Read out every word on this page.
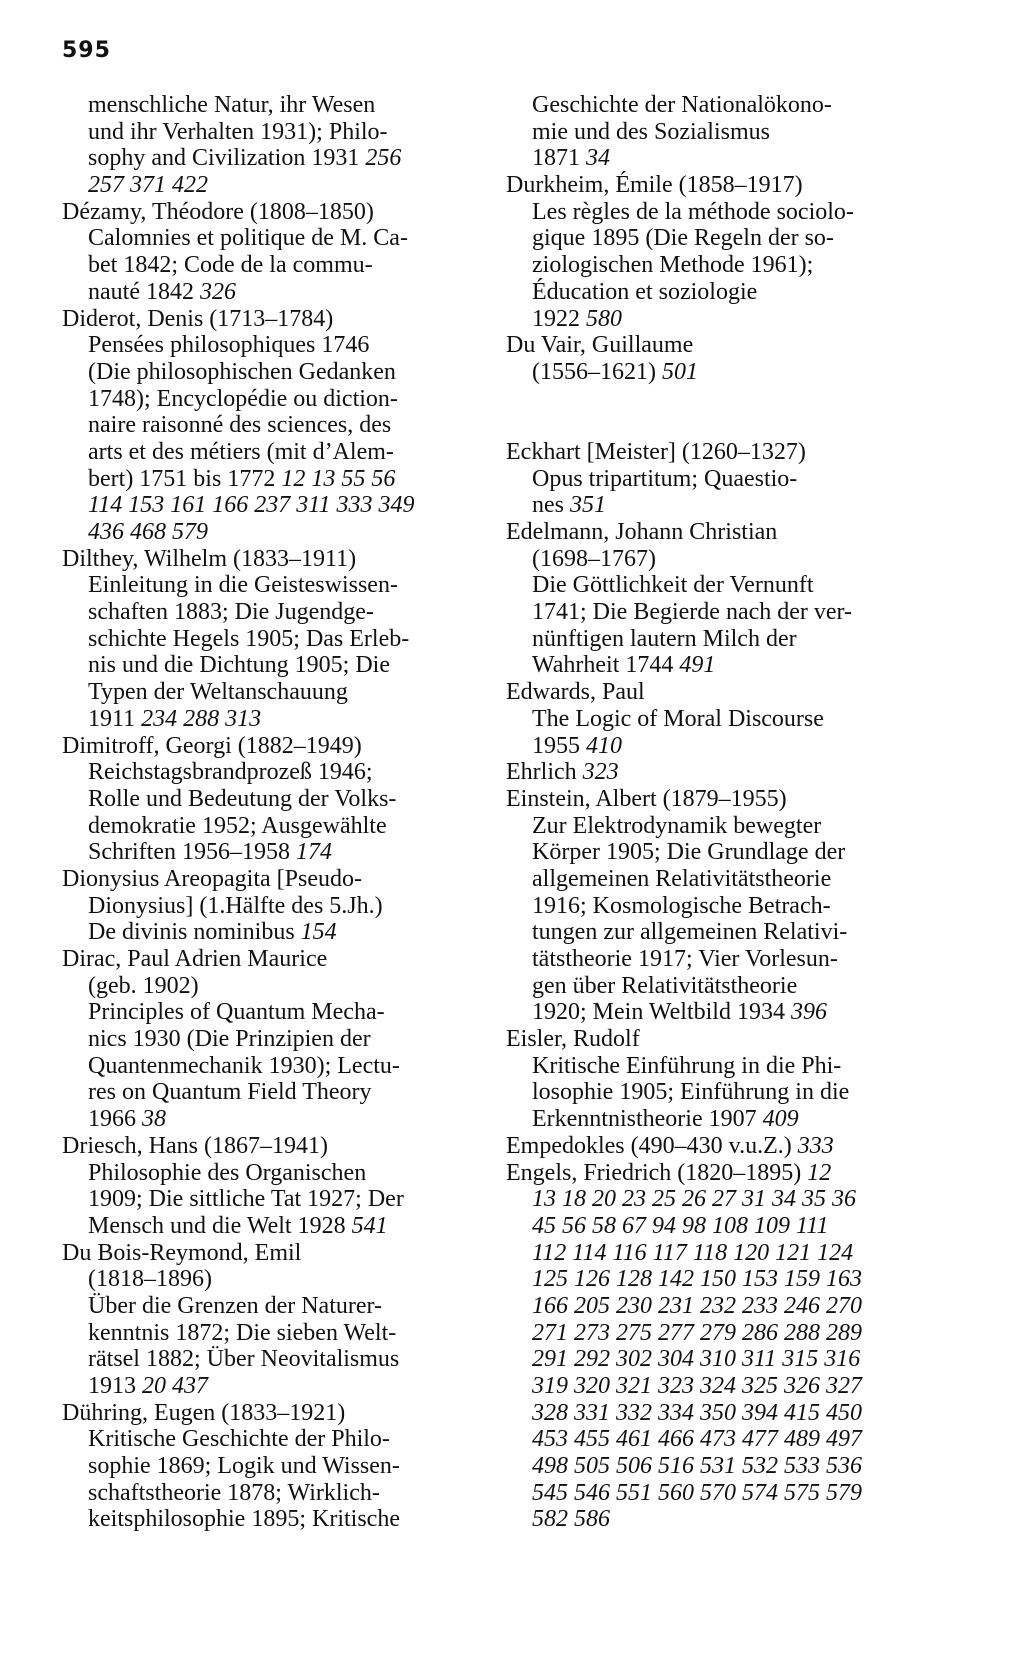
595
menschliche Natur, ihr Wesen
und ihr Verhalten 1931); Philo-
sophy and Civilization 1931 256
257 371 422
Dézamy, Théodore (1808–1850)
Calomnies et politique de M. Ca-
bet 1842; Code de la commu-
nauté 1842 326
Diderot, Denis (1713–1784)
Pensées philosophiques 1746
(Die philosophischen Gedanken
1748); Encyclopédie ou diction-
naire raisonné des sciences, des
arts et des métiers (mit d’Alem-
bert) 1751 bis 1772 12 13 55 56
114 153 161 166 237 311 333 349
436 468 579
Dilthey, Wilhelm (1833–1911)
Einleitung in die Geisteswissen-
schaften 1883; Die Jugendge-
schichte Hegels 1905; Das Erleb-
nis und die Dichtung 1905; Die
Typen der Weltanschauung
1911 234 288 313
Dimitroff, Georgi (1882–1949)
Reichstagsbrandprozeß 1946;
Rolle und Bedeutung der Volks-
demokratie 1952; Ausgewählte
Schriften 1956–1958 174
Dionysius Areopagita [Pseudo-
Dionysius] (1.Hälfte des 5.Jh.)
De divinis nominibus 154
Dirac, Paul Adrien Maurice
(geb. 1902)
Principles of Quantum Mecha-
nics 1930 (Die Prinzipien der
Quantenmechanik 1930); Lectu-
res on Quantum Field Theory
1966 38
Driesch, Hans (1867–1941)
Philosophie des Organischen
1909; Die sittliche Tat 1927; Der
Mensch und die Welt 1928 541
Du Bois-Reymond, Emil
(1818–1896)
Über die Grenzen der Naturer-
kenntnis 1872; Die sieben Welt-
rätsel 1882; Über Neovitalismus
1913 20 437
Dühring, Eugen (1833–1921)
Kritische Geschichte der Philo-
sophie 1869; Logik und Wissen-
schaftstheorie 1878; Wirklich-
keitsphilosophie 1895; Kritische
Geschichte der Nationalökono-
mie und des Sozialismus
1871 34
Durkheim, Émile (1858–1917)
Les règles de la méthode sociolo-
gique 1895 (Die Regeln der so-
ziologischen Methode 1961);
Éducation et soziologie
1922 580
Du Vair, Guillaume
(1556–1621) 501
Eckhart [Meister] (1260–1327)
Opus tripartitum; Quaestio-
nes 351
Edelmann, Johann Christian
(1698–1767)
Die Göttlichkeit der Vernunft
1741; Die Begierde nach der ver-
nünftigen lautern Milch der
Wahrheit 1744 491
Edwards, Paul
The Logic of Moral Discourse
1955 410
Ehrlich 323
Einstein, Albert (1879–1955)
Zur Elektrodynamik bewegter
Körper 1905; Die Grundlage der
allgemeinen Relativitätstheorie
1916; Kosmologische Betrach-
tungen zur allgemeinen Relativi-
tätstheorie 1917; Vier Vorlesun-
gen über Relativitätstheorie
1920; Mein Weltbild 1934 396
Eisler, Rudolf
Kritische Einführung in die Phi-
losophie 1905; Einführung in die
Erkenntnistheorie 1907 409
Empedokles (490–430 v.u.Z.) 333
Engels, Friedrich (1820–1895) 12
13 18 20 23 25 26 27 31 34 35 36
45 56 58 67 94 98 108 109 111
112 114 116 117 118 120 121 124
125 126 128 142 150 153 159 163
166 205 230 231 232 233 246 270
271 273 275 277 279 286 288 289
291 292 302 304 310 311 315 316
319 320 321 323 324 325 326 327
328 331 332 334 350 394 415 450
453 455 461 466 473 477 489 497
498 505 506 516 531 532 533 536
545 546 551 560 570 574 575 579
582 586
